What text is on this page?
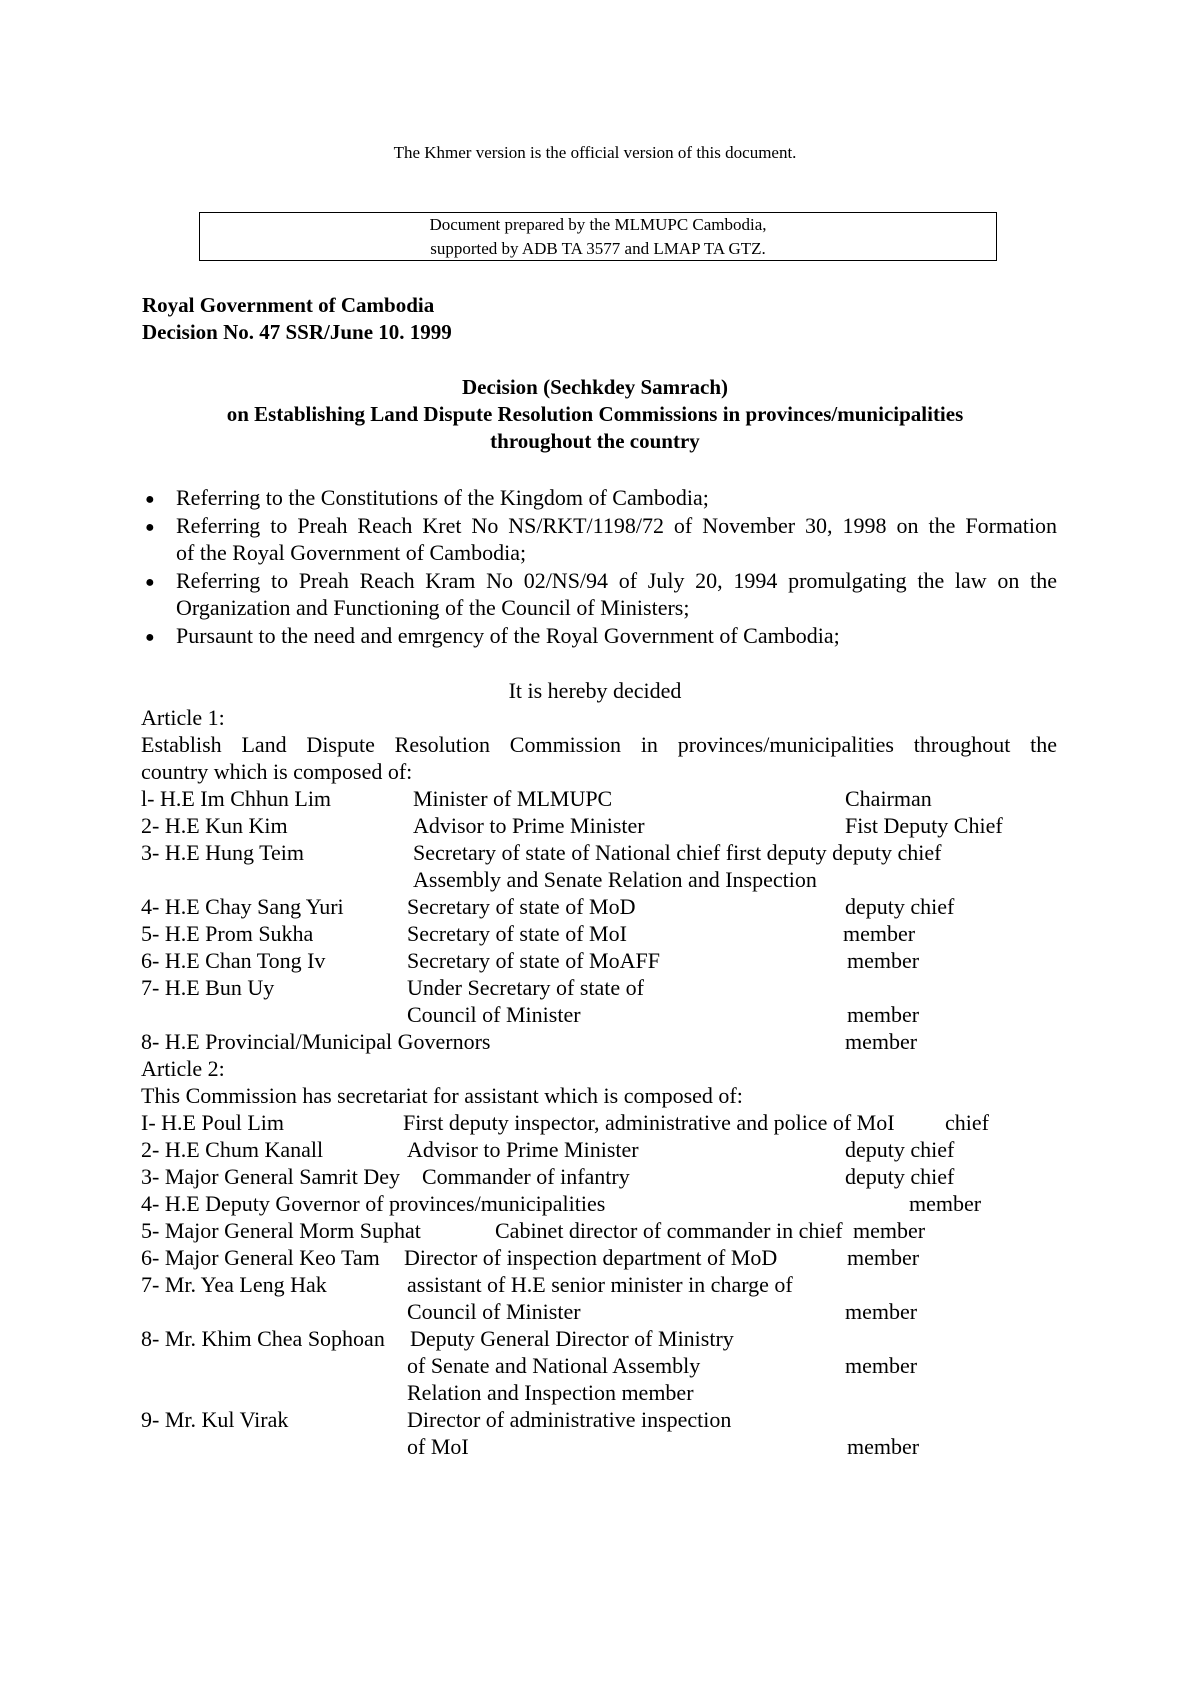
The Khmer version is the official version of this document.
Document prepared by the MLMUPC Cambodia,
supported by ADB TA 3577 and LMAP TA GTZ.
Royal Government of Cambodia
Decision No. 47 SSR/June 10. 1999
Decision (Sechkdey Samrach)
on Establishing Land Dispute Resolution Commissions in provinces/municipalities
throughout the country
● Referring to the Constitutions of the Kingdom of Cambodia;
● Referring to Preah Reach Kret No NS/RKT/1198/72 of November 30, 1998 on the Formation
of the Royal Government of Cambodia;
● Referring to Preah Reach Kram No 02/NS/94 of July 20, 1994 promulgating the law on the
Organization and Functioning of the Council of Ministers;
● Pursaunt to the need and emrgency of the Royal Government of Cambodia;
It is hereby decided
Article 1:
Establish Land Dispute Resolution Commission in provinces/municipalities throughout the
country which is composed of:
l- H.E Im Chhun Lim	Minister of MLMUPC	Chairman
2- H.E Kun Kim	Advisor to Prime Minister	Fist Deputy Chief
3- H.E Hung Teim	Secretary of state of National chief first deputy deputy chief
Assembly and Senate Relation and Inspection
4- H.E Chay Sang Yuri	Secretary of state of MoD	deputy chief
5- H.E Prom Sukha	Secretary of state of MoI	member
6- H.E Chan Tong Iv	Secretary of state of MoAFF	member
7- H.E Bun Uy	Under Secretary of state of
Council of Minister	member
8- H.E Provincial/Municipal Governors	member
Article 2:
This Commission has secretariat for assistant which is composed of:
I- H.E Poul Lim	First deputy inspector, administrative and police of MoI chief
2- H.E Chum Kanall	Advisor to Prime Minister	deputy chief
3- Major General Samrit Dey Commander of infantry	deputy chief
4- H.E Deputy Governor of provinces/municipalities	member
5- Major General Morm Suphat	Cabinet director of commander in chief member
6- Major General Keo Tam Director of inspection department of MoD	member
7- Mr. Yea Leng Hak	assistant of H.E senior minister in charge of
Council of Minister	member
8- Mr. Khim Chea Sophoan Deputy General Director of Ministry
of Senate and National Assembly	member
Relation and Inspection member
9- Mr. Kul Virak	Director of administrative inspection
of MoI	member
